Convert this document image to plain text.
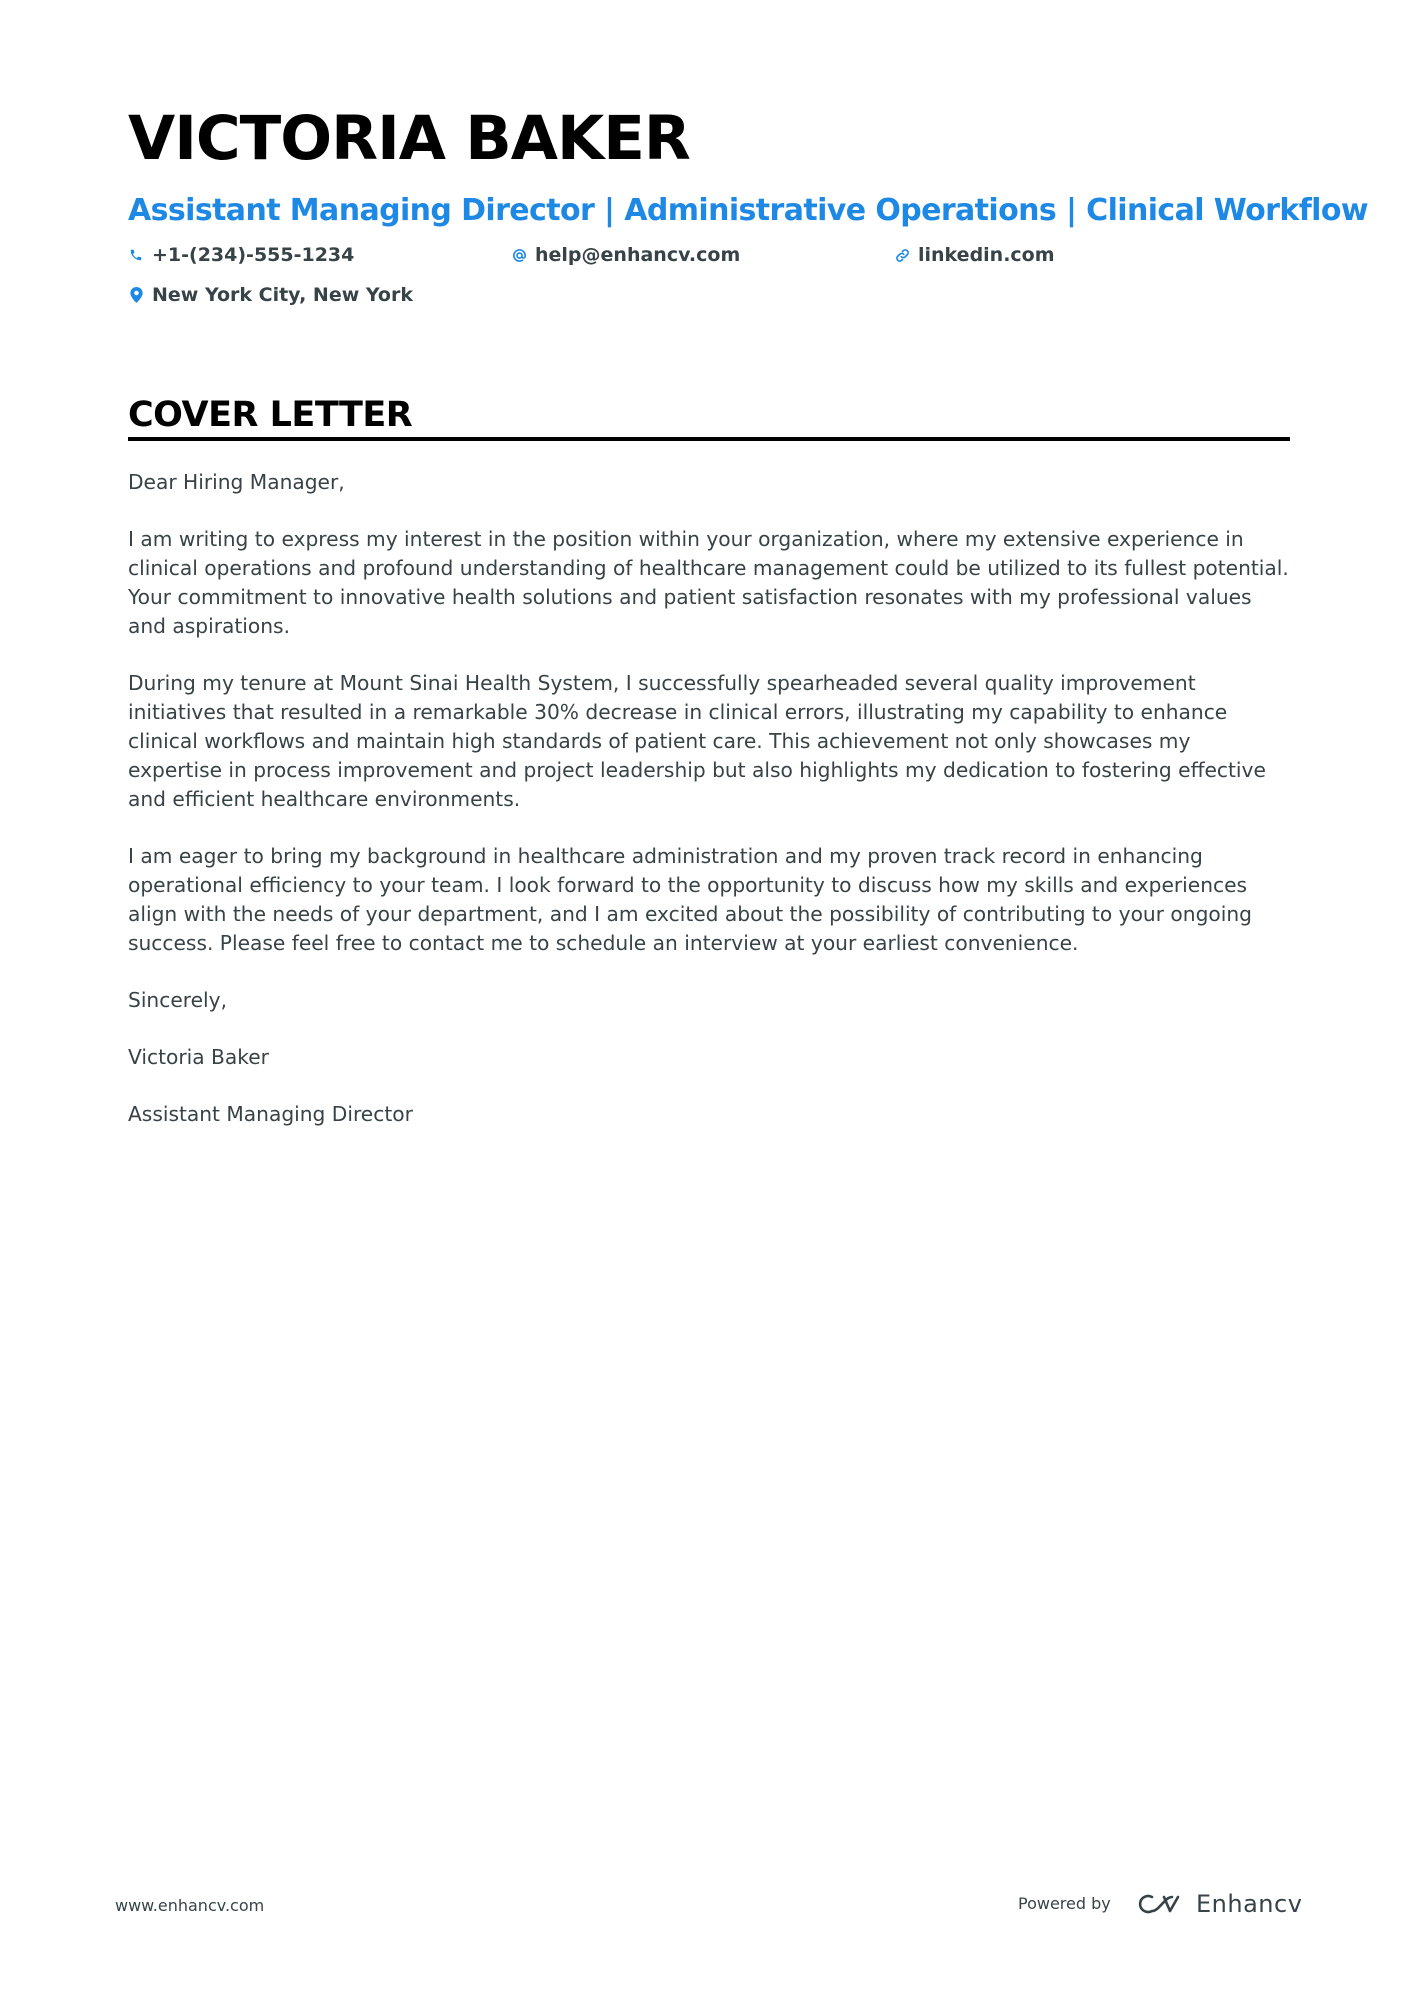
VICTORIA BAKER
Assistant Managing Director | Administrative Operations | Clinical Workflow
+1-(234)-555-1234	help@enhancv.com	linkedin.com
New York City, New York
COVER LETTER

Dear Hiring Manager,

I am writing to express my interest in the position within your organization, where my extensive experience in clinical operations and profound understanding of healthcare management could be utilized to its fullest potential. Your commitment to innovative health solutions and patient satisfaction resonates with my professional values and aspirations.

During my tenure at Mount Sinai Health System, I successfully spearheaded several quality improvement initiatives that resulted in a remarkable 30% decrease in clinical errors, illustrating my capability to enhance clinical workflows and maintain high standards of patient care. This achievement not only showcases my expertise in process improvement and project leadership but also highlights my dedication to fostering effective and efficient healthcare environments.

I am eager to bring my background in healthcare administration and my proven track record in enhancing operational efficiency to your team. I look forward to the opportunity to discuss how my skills and experiences align with the needs of your department, and I am excited about the possibility of contributing to your ongoing success. Please feel free to contact me to schedule an interview at your earliest convenience.

Sincerely,

Victoria Baker

Assistant Managing Director

www.enhancv.com	Powered by	Enhancv
